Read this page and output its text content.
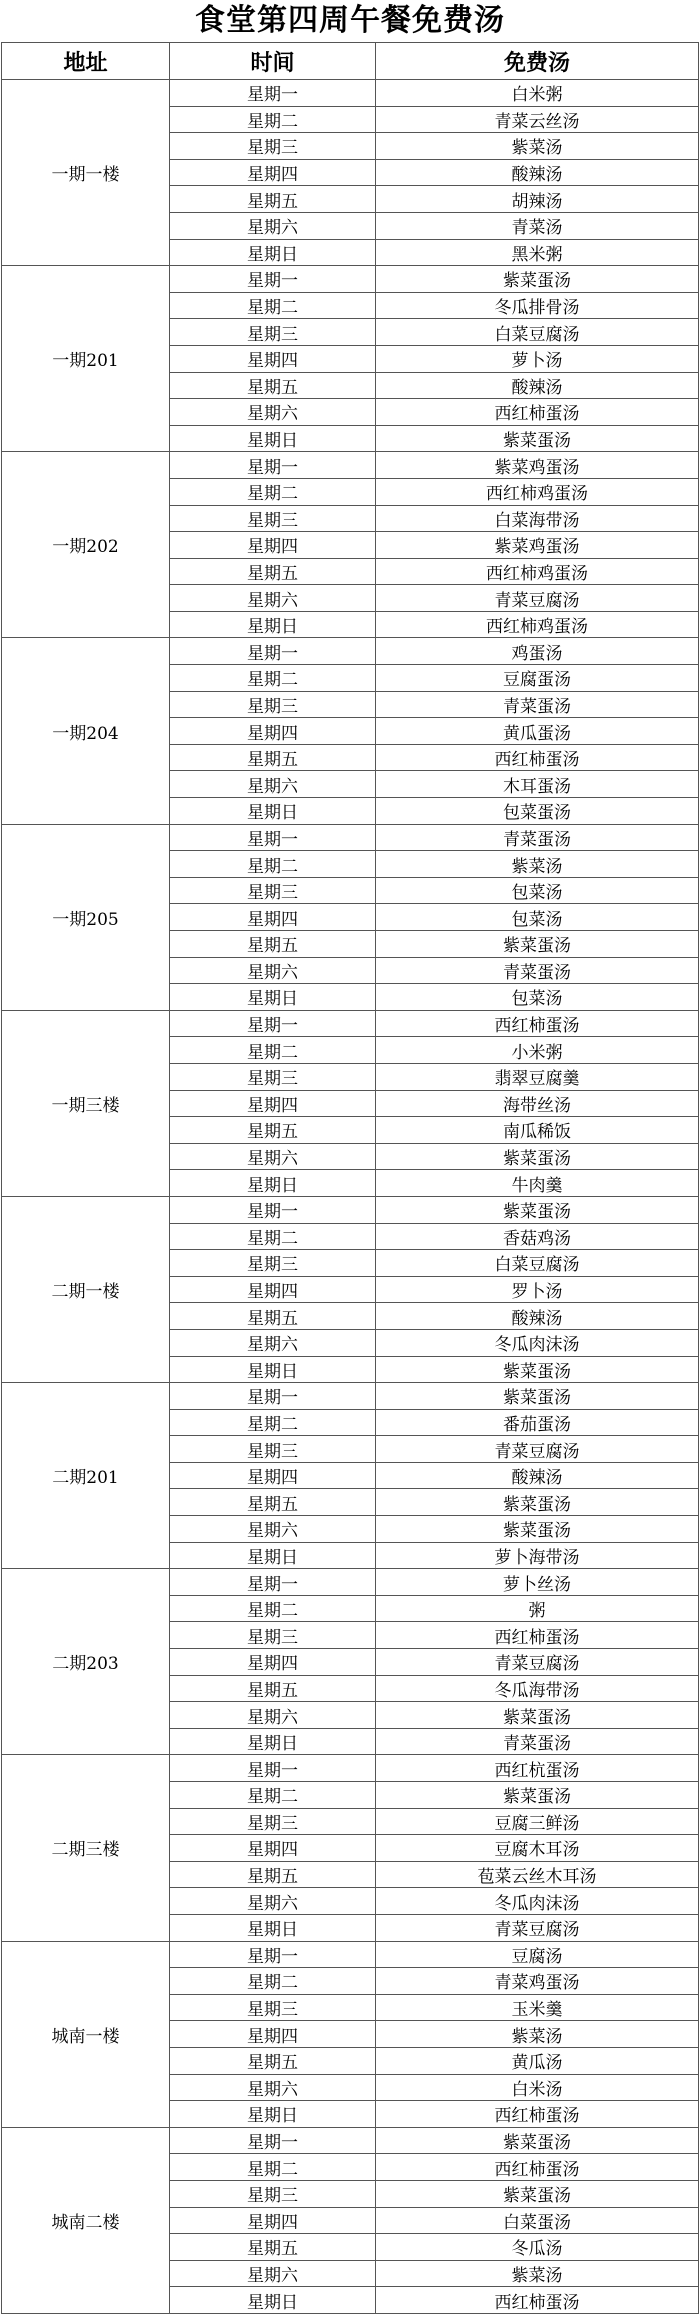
食堂第四周午餐免费汤
地址	时间	免费汤
一期一楼	星期一	白米粥
	星期二	青菜云丝汤
	星期三	紫菜汤
	星期四	酸辣汤
	星期五	胡辣汤
	星期六	青菜汤
	星期日	黑米粥
一期201	星期一	紫菜蛋汤
	星期二	冬瓜排骨汤
	星期三	白菜豆腐汤
	星期四	萝卜汤
	星期五	酸辣汤
	星期六	西红柿蛋汤
	星期日	紫菜蛋汤
一期202	星期一	紫菜鸡蛋汤
	星期二	西红柿鸡蛋汤
	星期三	白菜海带汤
	星期四	紫菜鸡蛋汤
	星期五	西红柿鸡蛋汤
	星期六	青菜豆腐汤
	星期日	西红柿鸡蛋汤
一期204	星期一	鸡蛋汤
	星期二	豆腐蛋汤
	星期三	青菜蛋汤
	星期四	黄瓜蛋汤
	星期五	西红柿蛋汤
	星期六	木耳蛋汤
	星期日	包菜蛋汤
一期205	星期一	青菜蛋汤
	星期二	紫菜汤
	星期三	包菜汤
	星期四	包菜汤
	星期五	紫菜蛋汤
	星期六	青菜蛋汤
	星期日	包菜汤
一期三楼	星期一	西红柿蛋汤
	星期二	小米粥
	星期三	翡翠豆腐羹
	星期四	海带丝汤
	星期五	南瓜稀饭
	星期六	紫菜蛋汤
	星期日	牛肉羹
二期一楼	星期一	紫菜蛋汤
	星期二	香菇鸡汤
	星期三	白菜豆腐汤
	星期四	罗卜汤
	星期五	酸辣汤
	星期六	冬瓜肉沫汤
	星期日	紫菜蛋汤
二期201	星期一	紫菜蛋汤
	星期二	番茄蛋汤
	星期三	青菜豆腐汤
	星期四	酸辣汤
	星期五	紫菜蛋汤
	星期六	紫菜蛋汤
	星期日	萝卜海带汤
二期203	星期一	萝卜丝汤
	星期二	粥
	星期三	西红柿蛋汤
	星期四	青菜豆腐汤
	星期五	冬瓜海带汤
	星期六	紫菜蛋汤
	星期日	青菜蛋汤
二期三楼	星期一	西红杭蛋汤
	星期二	紫菜蛋汤
	星期三	豆腐三鲜汤
	星期四	豆腐木耳汤
	星期五	苞菜云丝木耳汤
	星期六	冬瓜肉沫汤
	星期日	青菜豆腐汤
城南一楼	星期一	豆腐汤
	星期二	青菜鸡蛋汤
	星期三	玉米羹
	星期四	紫菜汤
	星期五	黄瓜汤
	星期六	白米汤
	星期日	西红柿蛋汤
城南二楼	星期一	紫菜蛋汤
	星期二	西红柿蛋汤
	星期三	紫菜蛋汤
	星期四	白菜蛋汤
	星期五	冬瓜汤
	星期六	紫菜汤
	星期日	西红柿蛋汤
